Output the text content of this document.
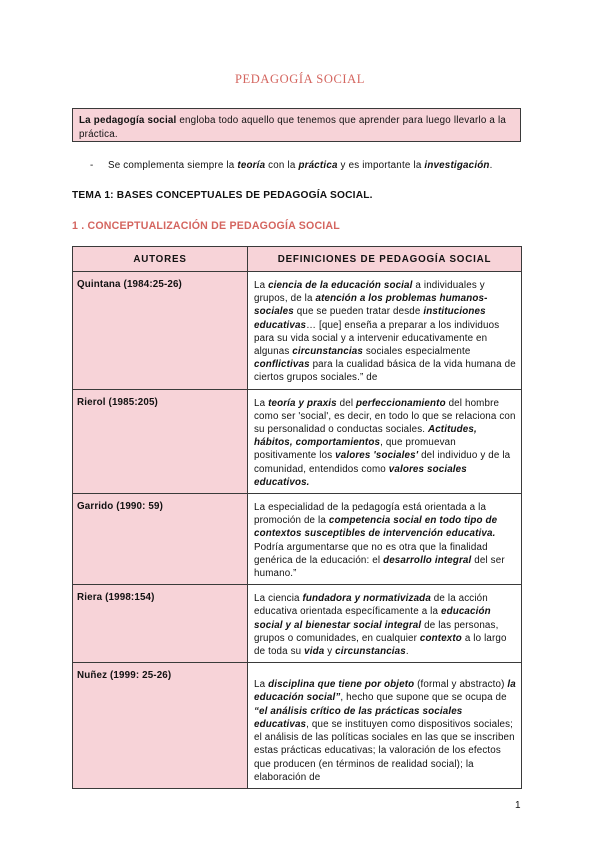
PEDAGOGÍA SOCIAL
La pedagogía social engloba todo aquello que tenemos que aprender para luego llevarlo a la práctica.
- Se complementa siempre la teoría con la práctica y es importante la investigación.
TEMA 1: BASES CONCEPTUALES DE PEDAGOGÍA SOCIAL.
1 . CONCEPTUALIZACIÓN DE PEDAGOGÍA SOCIAL
AUTORES	DEFINICIONES DE PEDAGOGÍA SOCIAL
Quintana (1984:25-26)	La ciencia de la educación social a individuales y grupos, de la atención a los problemas humanos-sociales que se pueden tratar desde instituciones educativas… [que] enseña a preparar a los individuos para su vida social y a intervenir educativamente en algunas circunstancias sociales especialmente conflictivas para la cualidad básica de la vida humana de ciertos grupos sociales.” de
Rierol (1985:205)	La teoría y praxis del perfeccionamiento del hombre como ser 'social', es decir, en todo lo que se relaciona con su personalidad o conductas sociales. Actitudes, hábitos, comportamientos, que promuevan positivamente los valores 'sociales' del individuo y de la comunidad, entendidos como valores sociales educativos.
Garrido (1990: 59)	La especialidad de la pedagogía está orientada a la promoción de la competencia social en todo tipo de contextos susceptibles de intervención educativa. Podría argumentarse que no es otra que la finalidad genérica de la educación: el desarrollo integral del ser humano.”
Riera (1998:154)	La ciencia fundadora y normativizada de la acción educativa orientada específicamente a la educación social y al bienestar social integral de las personas, grupos o comunidades, en cualquier contexto a lo largo de toda su vida y circunstancias.
Nuñez (1999: 25-26)	La disciplina que tiene por objeto (formal y abstracto) la educación social”, hecho que supone que se ocupa de “el análisis crítico de las prácticas sociales educativas, que se instituyen como dispositivos sociales; el análisis de las políticas sociales en las que se inscriben estas prácticas educativas; la valoración de los efectos que producen (en términos de realidad social); la elaboración de
1
